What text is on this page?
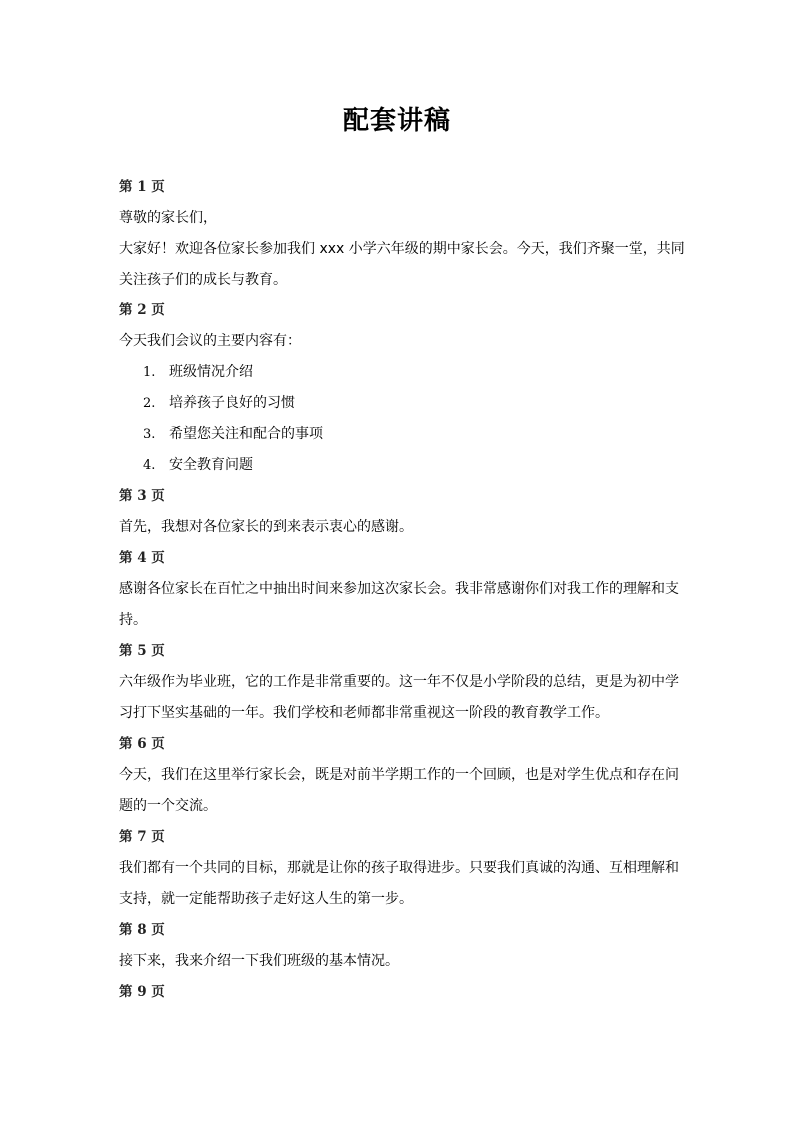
配套讲稿
第 1 页
尊敬的家长们，
大家好！欢迎各位家长参加我们 xxx 小学六年级的期中家长会。今天，我们齐聚一堂，共同
关注孩子们的成长与教育。
第 2 页
今天我们会议的主要内容有：
1. 班级情况介绍
2. 培养孩子良好的习惯
3. 希望您关注和配合的事项
4. 安全教育问题
第 3 页
首先，我想对各位家长的到来表示衷心的感谢。
第 4 页
感谢各位家长在百忙之中抽出时间来参加这次家长会。我非常感谢你们对我工作的理解和支
持。
第 5 页
六年级作为毕业班，它的工作是非常重要的。这一年不仅是小学阶段的总结，更是为初中学
习打下坚实基础的一年。我们学校和老师都非常重视这一阶段的教育教学工作。
第 6 页
今天，我们在这里举行家长会，既是对前半学期工作的一个回顾，也是对学生优点和存在问
题的一个交流。
第 7 页
我们都有一个共同的目标，那就是让你的孩子取得进步。只要我们真诚的沟通、互相理解和
支持，就一定能帮助孩子走好这人生的第一步。
第 8 页
接下来，我来介绍一下我们班级的基本情况。
第 9 页
